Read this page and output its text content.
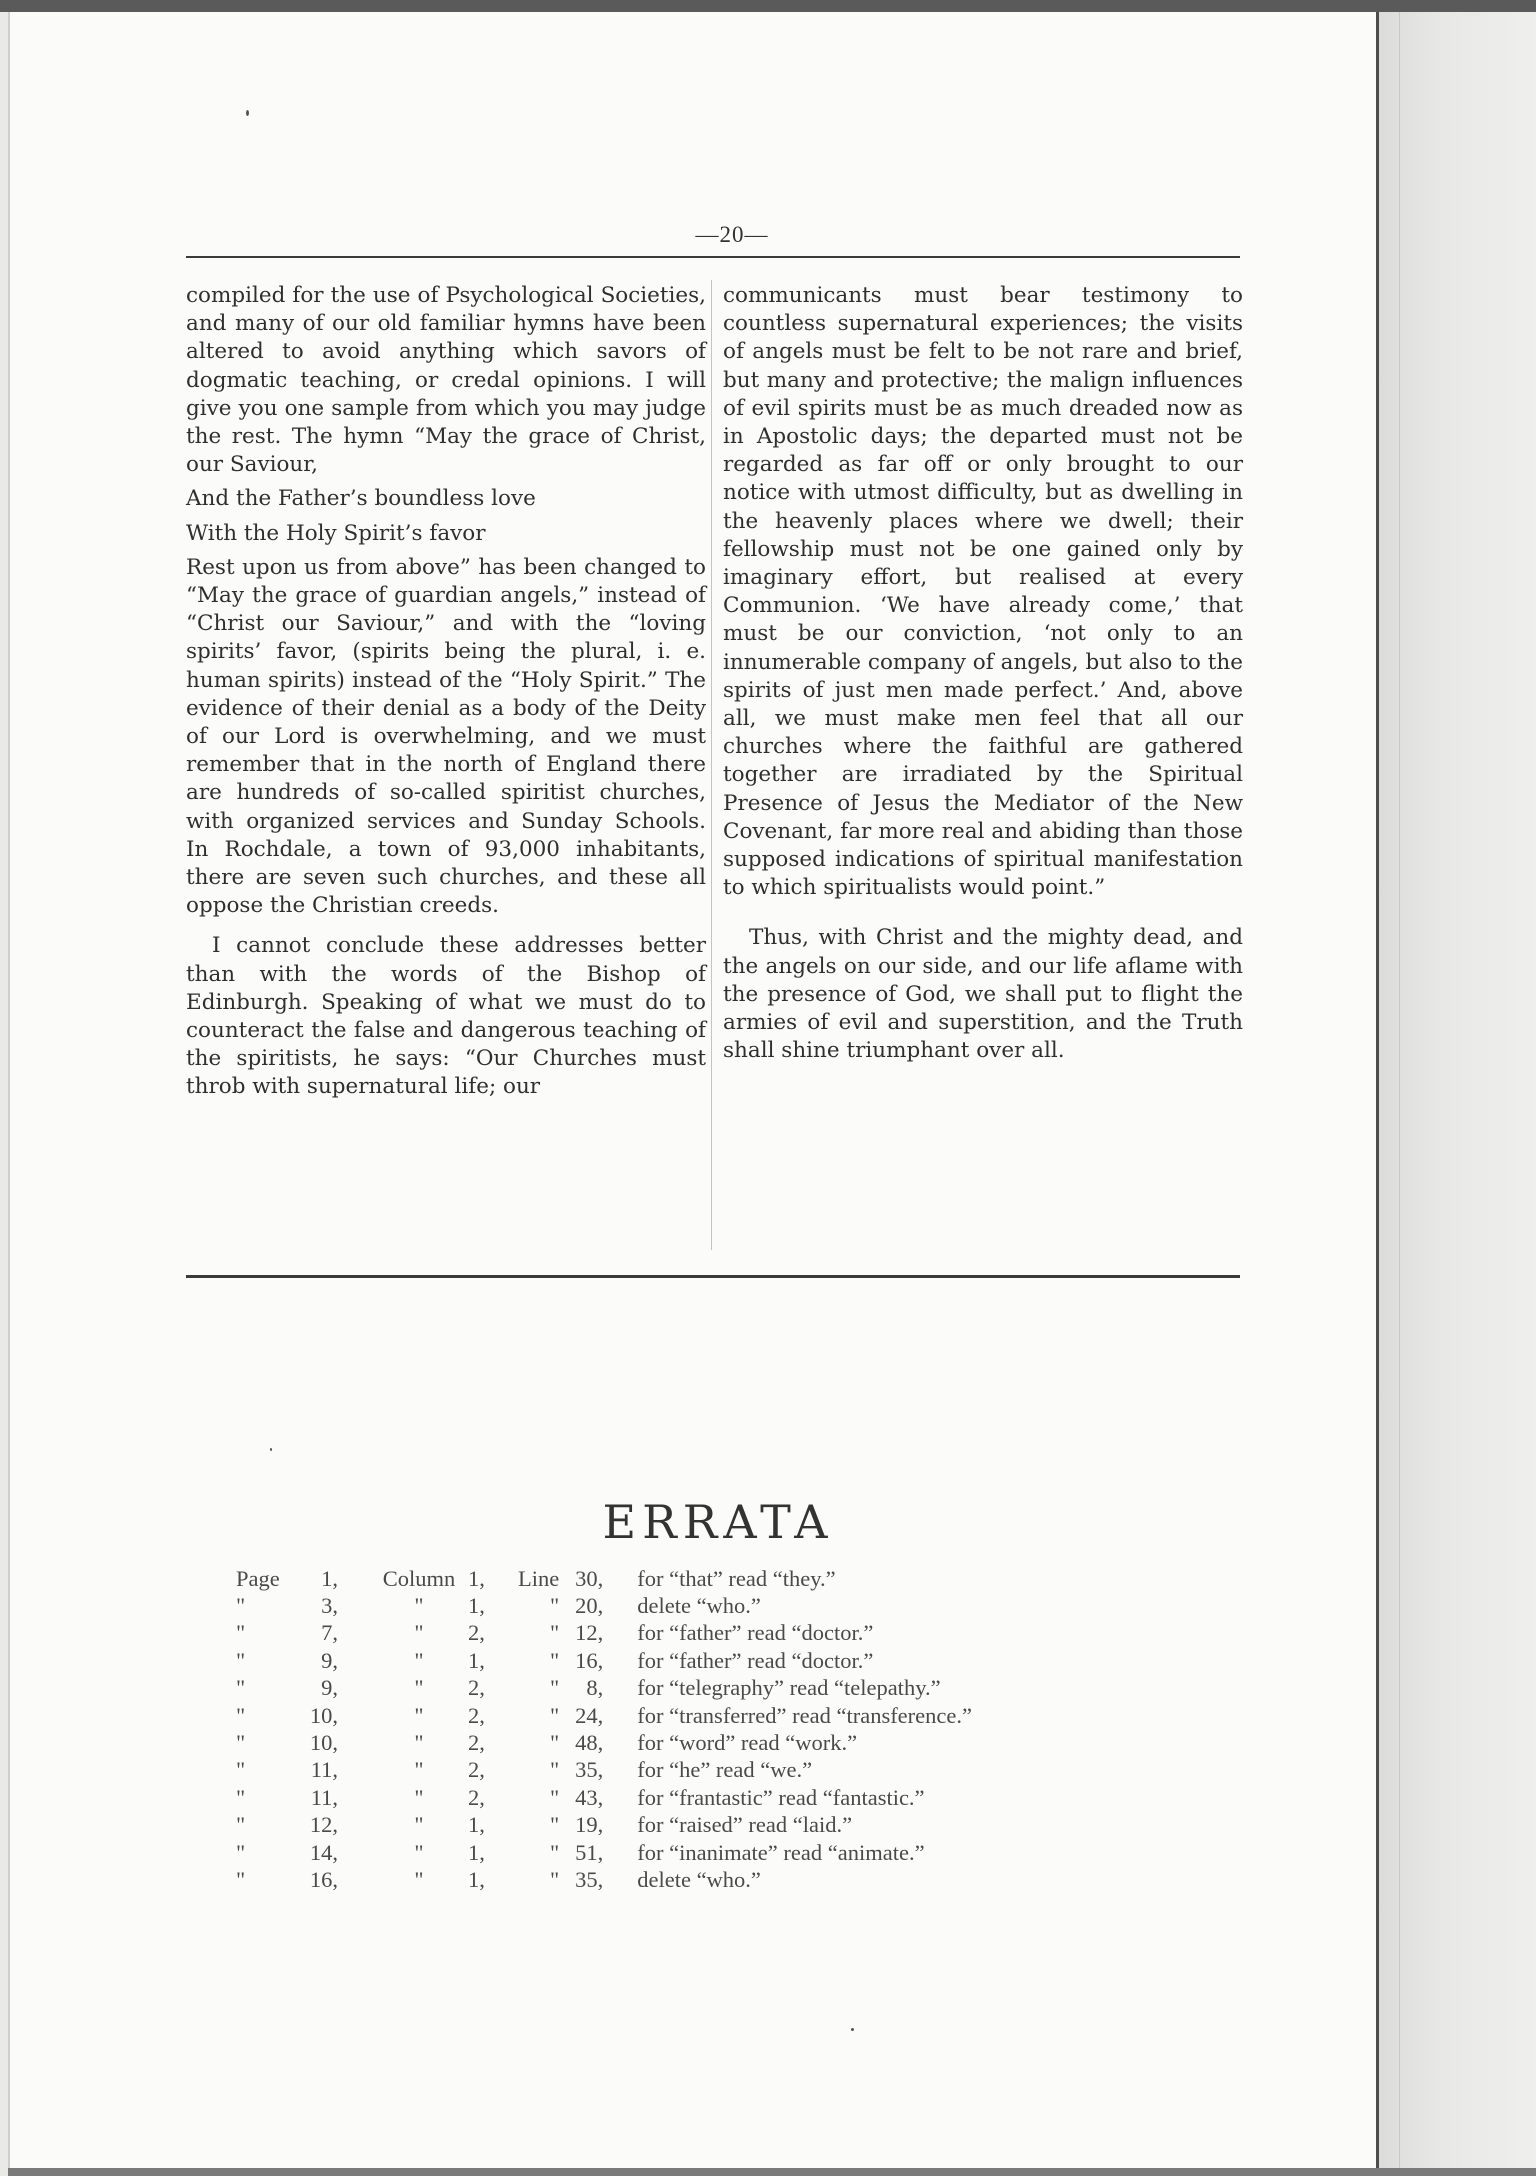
—20—

compiled for the use of Psychological Societies, and many of our old familiar hymns have been altered to avoid anything which savors of dogmatic teaching, or credal opinions. I will give you one sample from which you may judge the rest. The hymn “May the grace of Christ, our Saviour,

And the Father’s boundless love

With the Holy Spirit’s favor

Rest upon us from above” has been changed to “May the grace of guardian angels,” instead of “Christ our Saviour,” and with the “loving spirits’ favor, (spirits being the plural, i. e. human spirits) instead of the “Holy Spirit.” The evidence of their denial as a body of the Deity of our Lord is overwhelming, and we must remember that in the north of England there are hundreds of so-called spiritist churches, with organized services and Sunday Schools. In Rochdale, a town of 93,000 inhabitants, there are seven such churches, and these all oppose the Christian creeds.

I cannot conclude these addresses better than with the words of the Bishop of Edinburgh. Speaking of what we must do to counteract the false and dangerous teaching of the spiritists, he says: “Our Churches must throb with supernatural life; our

communicants must bear testimony to countless supernatural experiences; the visits of angels must be felt to be not rare and brief, but many and protective; the malign influences of evil spirits must be as much dreaded now as in Apostolic days; the departed must not be regarded as far off or only brought to our notice with utmost difficulty, but as dwelling in the heavenly places where we dwell; their fellowship must not be one gained only by imaginary effort, but realised at every Communion. ‘We have already come,’ that must be our conviction, ‘not only to an innumerable company of angels, but also to the spirits of just men made perfect.’ And, above all, we must make men feel that all our churches where the faithful are gathered together are irradiated by the Spiritual Presence of Jesus the Mediator of the New Covenant, far more real and abiding than those supposed indications of spiritual manifestation to which spiritualists would point.”

Thus, with Christ and the mighty dead, and the angels on our side, and our life aflame with the presence of God, we shall put to flight the armies of evil and superstition, and the Truth shall shine triumphant over all.

ERRATA
Page	1,	Column	1,	Line	30,	for “that” read “they.”
"	3,	"	1,	"	20,	delete “who.”
"	7,	"	2,	"	12,	for “father” read “doctor.”
"	9,	"	1,	"	16,	for “father” read “doctor.”
"	9,	"	2,	"	8,	for “telegraphy” read “telepathy.”
"	10,	"	2,	"	24,	for “transferred” read “transference.”
"	10,	"	2,	"	48,	for “word” read “work.”
"	11,	"	2,	"	35,	for “he” read “we.”
"	11,	"	2,	"	43,	for “frantastic” read “fantastic.”
"	12,	"	1,	"	19,	for “raised” read “laid.”
"	14,	"	1,	"	51,	for “inanimate” read “animate.”
"	16,	"	1,	"	35,	delete “who.”
